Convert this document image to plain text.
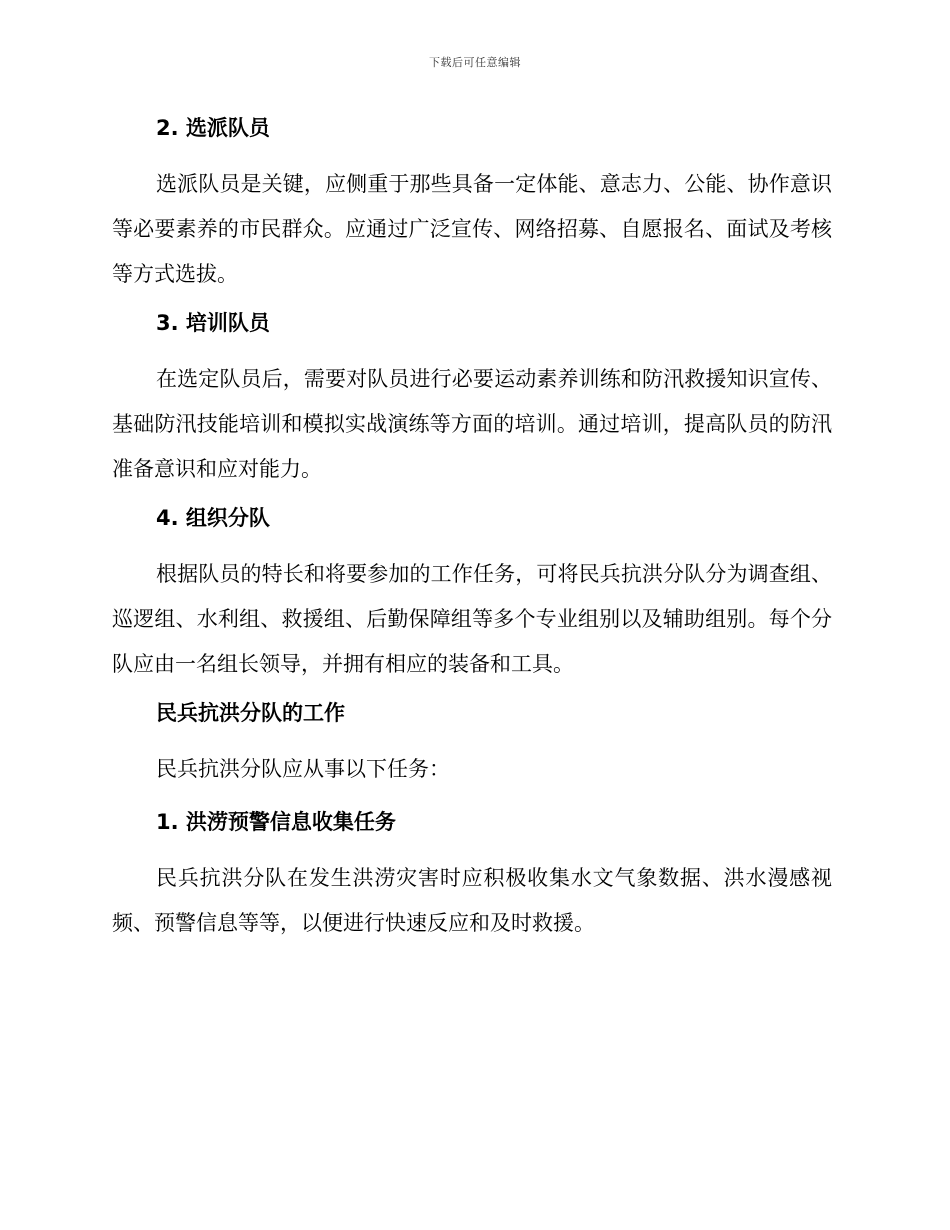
下载后可任意编辑
2. 选派队员

选派队员是关键，应侧重于那些具备一定体能、意志力、公能、协作意识等必要素养的市民群众。应通过广泛宣传、网络招募、自愿报名、面试及考核等方式选拔。

3. 培训队员

在选定队员后，需要对队员进行必要运动素养训练和防汛救援知识宣传、基础防汛技能培训和模拟实战演练等方面的培训。通过培训，提高队员的防汛准备意识和应对能力。

4. 组织分队

根据队员的特长和将要参加的工作任务，可将民兵抗洪分队分为调查组、巡逻组、水利组、救援组、后勤保障组等多个专业组别以及辅助组别。每个分队应由一名组长领导，并拥有相应的装备和工具。

民兵抗洪分队的工作

民兵抗洪分队应从事以下任务：

1. 洪涝预警信息收集任务

民兵抗洪分队在发生洪涝灾害时应积极收集水文气象数据、洪水漫感视频、预警信息等等，以便进行快速反应和及时救援。
